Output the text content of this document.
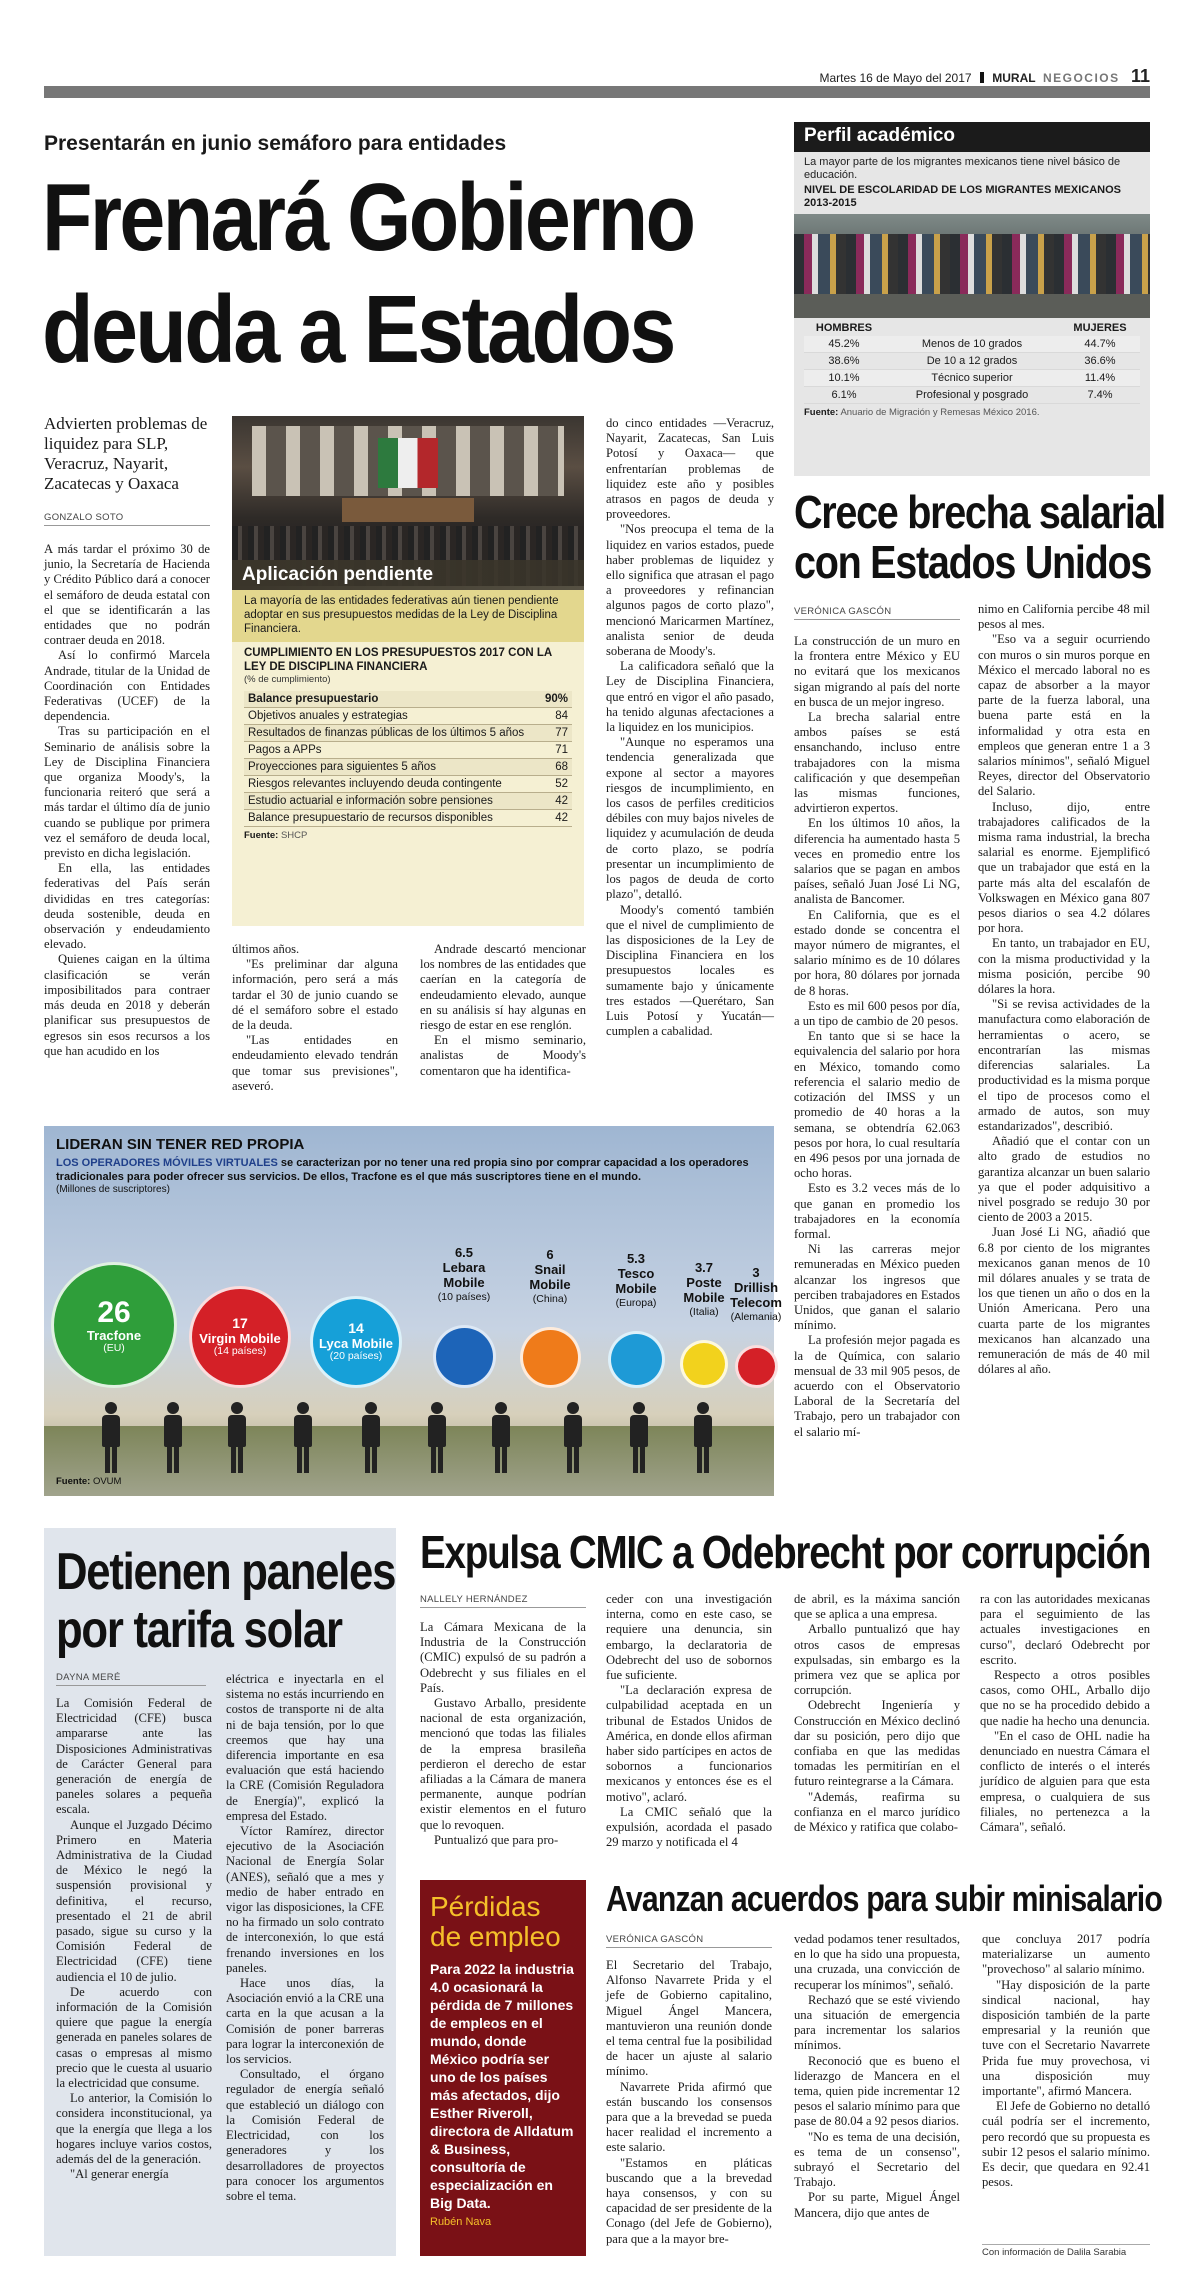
Martes 16 de Mayo del 2017 MURAL NEGOCIOS 11
Presentarán en junio semáforo para entidades
Frenará Gobierno
deuda a Estados
Advierten problemas de liquidez para SLP, Veracruz, Nayarit, Zacatecas y Oaxaca
GONZALO SOTO

A más tardar el próximo 30 de junio, la Secretaría de Hacienda y Crédito Público dará a conocer el semáforo de deuda estatal con el que se identificarán a las entidades que no podrán contraer deuda en 2018.

Así lo confirmó Marcela Andrade, titular de la Unidad de Coordinación con Entidades Federativas (UCEF) de la dependencia.

Tras su participación en el Seminario de análisis sobre la Ley de Disciplina Financiera que organiza Moody's, la funcionaria reiteró que será a más tardar el último día de junio cuando se publique por primera vez el semáforo de deuda local, previsto en dicha legislación.

En ella, las entidades federativas del País serán divididas en tres categorías: deuda sostenible, deuda en observación y endeudamiento elevado.

Quienes caigan en la última clasificación se verán imposibilitados para contraer más deuda en 2018 y deberán planificar sus presupuestos de egresos sin esos recursos a los que han acudido en los

Aplicación pendiente
La mayoría de las entidades federativas aún tienen pendiente adoptar en sus presupuestos medidas de la Ley de Disciplina Financiera.
CUMPLIMIENTO EN LOS PRESUPUESTOS 2017 CON LA LEY DE DISCIPLINA FINANCIERA
(% de cumplimiento)
Balance presupuestario	90%
Objetivos anuales y estrategias	84
Resultados de finanzas públicas de los últimos 5 años	77
Pagos a APPs	71
Proyecciones para siguientes 5 años	68
Riesgos relevantes incluyendo deuda contingente	52
Estudio actuarial e información sobre pensiones	42
Balance presupuestario de recursos disponibles	42
Fuente: SHCP

últimos años.

"Es preliminar dar alguna información, pero será a más tardar el 30 de junio cuando se dé el semáforo sobre el estado de la deuda.

"Las entidades en endeudamiento elevado tendrán que tomar sus previsiones", aseveró.

Andrade descartó mencionar los nombres de las entidades que caerían en la categoría de endeudamiento elevado, aunque en su análisis sí hay algunas en riesgo de estar en ese renglón.

En el mismo seminario, analistas de Moody's comentaron que ha identifica-

do cinco entidades —Veracruz, Nayarit, Zacatecas, San Luis Potosí y Oaxaca— que enfrentarían problemas de liquidez este año y posibles atrasos en pagos de deuda y proveedores.

"Nos preocupa el tema de la liquidez en varios estados, puede haber problemas de liquidez y ello significa que atrasan el pago a proveedores y refinancian algunos pagos de corto plazo", mencionó Maricarmen Martínez, analista senior de deuda soberana de Moody's.

La calificadora señaló que la Ley de Disciplina Financiera, que entró en vigor el año pasado, ha tenido algunas afectaciones a la liquidez en los municipios.

"Aunque no esperamos una tendencia generalizada que expone al sector a mayores riesgos de incumplimiento, en los casos de perfiles crediticios débiles con muy bajos niveles de liquidez y acumulación de deuda de corto plazo, se podría presentar un incumplimiento de los pagos de deuda de corto plazo", detalló.

Moody's comentó también que el nivel de cumplimiento de las disposiciones de la Ley de Disciplina Financiera en los presupuestos locales es sumamente bajo y únicamente tres estados —Querétaro, San Luis Potosí y Yucatán— cumplen a cabalidad.

Perfil académico
La mayor parte de los migrantes mexicanos tiene nivel básico de educación.
NIVEL DE ESCOLARIDAD DE LOS MIGRANTES MEXICANOS 2013-2015
HOMBRES	MUJERES
45.2%	Menos de 10 grados	44.7%
38.6%	De 10 a 12 grados	36.6%
10.1%	Técnico superior	11.4%
6.1%	Profesional y posgrado	7.4%
Fuente: Anuario de Migración y Remesas México 2016.
Crece brecha salarial
con Estados Unidos
VERÓNICA GASCÓN

La construcción de un muro en la frontera entre México y EU no evitará que los mexicanos sigan migrando al país del norte en busca de un mejor ingreso.

La brecha salarial entre ambos países se está ensanchando, incluso entre trabajadores con la misma calificación y que desempeñan las mismas funciones, advirtieron expertos.

En los últimos 10 años, la diferencia ha aumentado hasta 5 veces en promedio entre los salarios que se pagan en ambos países, señaló Juan José Li NG, analista de Bancomer.

En California, que es el estado donde se concentra el mayor número de migrantes, el salario mínimo es de 10 dólares por hora, 80 dólares por jornada de 8 horas.

Esto es mil 600 pesos por día, a un tipo de cambio de 20 pesos.

En tanto que si se hace la equivalencia del salario por hora en México, tomando como referencia el salario medio de cotización del IMSS y un promedio de 40 horas a la semana, se obtendría 62.063 pesos por hora, lo cual resultaría en 496 pesos por una jornada de ocho horas.

Esto es 3.2 veces más de lo que ganan en promedio los trabajadores en la economía formal.

Ni las carreras mejor remuneradas en México pueden alcanzar los ingresos que perciben trabajadores en Estados Unidos, que ganan el salario mínimo.

La profesión mejor pagada es la de Química, con salario mensual de 33 mil 905 pesos, de acuerdo con el Observatorio Laboral de la Secretaría del Trabajo, pero un trabajador con el salario mí-

nimo en California percibe 48 mil pesos al mes.

"Eso va a seguir ocurriendo con muros o sin muros porque en México el mercado laboral no es capaz de absorber a la mayor parte de la fuerza laboral, una buena parte está en la informalidad y otra esta en empleos que generan entre 1 a 3 salarios mínimos", señaló Miguel Reyes, director del Observatorio del Salario.

Incluso, dijo, entre trabajadores calificados de la misma rama industrial, la brecha salarial es enorme. Ejemplificó que un trabajador que está en la parte más alta del escalafón de Volkswagen en México gana 807 pesos diarios o sea 4.2 dólares por hora.

En tanto, un trabajador en EU, con la misma productividad y la misma posición, percibe 90 dólares la hora.

"Si se revisa actividades de la manufactura como elaboración de herramientas o acero, se encontrarían las mismas diferencias salariales. La productividad es la misma porque el tipo de procesos como el armado de autos, son muy estandarizados", describió.

Añadió que el contar con un alto grado de estudios no garantiza alcanzar un buen salario ya que el poder adquisitivo a nivel posgrado se redujo 30 por ciento de 2003 a 2015.

Juan José Li NG, añadió que 6.8 por ciento de los migrantes mexicanos ganan menos de 10 mil dólares anuales y se trata de los que tienen un año o dos en la Unión Americana. Pero una cuarta parte de los migrantes mexicanos han alcanzado una remuneración de más de 40 mil dólares al año.

LIDERAN SIN TENER RED PROPIA
LOS OPERADORES MÓVILES VIRTUALES se caracterizan por no tener una red propia sino por comprar capacidad a los operadores tradicionales para poder ofrecer sus servicios. De ellos, Tracfone es el que más suscriptores tiene en el mundo.
(Millones de suscriptores)
26
Tracfone
(EU)
17
Virgin Mobile
(14 países)
14
Lyca Mobile
(20 países)
6.5
Lebara Mobile
(10 países)
6
Snail Mobile
(China)
5.3
Tesco Mobile
(Europa)
3.7
Poste Mobile
(Italia)
3
Drillish Telecom
(Alemania)
Fuente: OVUM
Detienen paneles
por tarifa solar
DAYNA MERÉ

La Comisión Federal de Electricidad (CFE) busca ampararse ante las Disposiciones Administrativas de Carácter General para generación de energía de paneles solares a pequeña escala.

Aunque el Juzgado Décimo Primero en Materia Administrativa de la Ciudad de México le negó la suspensión provisional y definitiva, el recurso, presentado el 21 de abril pasado, sigue su curso y la Comisión Federal de Electricidad (CFE) tiene audiencia el 10 de julio.

De acuerdo con información de la Comisión quiere que pague la energía generada en paneles solares de casas o empresas al mismo precio que le cuesta al usuario la electricidad que consume.

Lo anterior, la Comisión lo considera inconstitucional, ya que la energía que llega a los hogares incluye varios costos, además del de la generación.

"Al generar energía

eléctrica e inyectarla en el sistema no estás incurriendo en costos de transporte ni de alta ni de baja tensión, por lo que creemos que hay una diferencia importante en esa evaluación que está haciendo la CRE (Comisión Reguladora de Energía)", explicó la empresa del Estado.

Víctor Ramírez, director ejecutivo de la Asociación Nacional de Energía Solar (ANES), señaló que a mes y medio de haber entrado en vigor las disposiciones, la CFE no ha firmado un solo contrato de interconexión, lo que está frenando inversiones en los paneles.

Hace unos días, la Asociación envió a la CRE una carta en la que acusan a la Comisión de poner barreras para lograr la interconexión de los servicios.

Consultado, el órgano regulador de energía señaló que estableció un diálogo con la Comisión Federal de Electricidad, con los generadores y los desarrolladores de proyectos para conocer los argumentos sobre el tema.

Expulsa CMIC a Odebrecht por corrupción
NALLELY HERNÁNDEZ

La Cámara Mexicana de la Industria de la Construcción (CMIC) expulsó de su padrón a Odebrecht y sus filiales en el País.

Gustavo Arballo, presidente nacional de esta organización, mencionó que todas las filiales de la empresa brasileña perdieron el derecho de estar afiliadas a la Cámara de manera permanente, aunque podrían existir elementos en el futuro que lo revoquen.

Puntualizó que para pro-

ceder con una investigación interna, como en este caso, se requiere una denuncia, sin embargo, la declaratoria de Odebrecht del uso de sobornos fue suficiente.

"La declaración expresa de culpabilidad aceptada en un tribunal de Estados Unidos de América, en donde ellos afirman haber sido partícipes en actos de sobornos a funcionarios mexicanos y entonces ése es el motivo", aclaró.

La CMIC señaló que la expulsión, acordada el pasado 29 marzo y notificada el 4

de abril, es la máxima sanción que se aplica a una empresa.

Arballo puntualizó que hay otros casos de empresas expulsadas, sin embargo es la primera vez que se aplica por corrupción.

Odebrecht Ingeniería y Construcción en México declinó dar su posición, pero dijo que confiaba en que las medidas tomadas les permitirían en el futuro reintegrarse a la Cámara.

"Además, reafirma su confianza en el marco jurídico de México y ratifica que colabo-

ra con las autoridades mexicanas para el seguimiento de las actuales investigaciones en curso", declaró Odebrecht por escrito.

Respecto a otros posibles casos, como OHL, Arballo dijo que no se ha procedido debido a que nadie ha hecho una denuncia.

"En el caso de OHL nadie ha denunciado en nuestra Cámara el conflicto de interés o el interés jurídico de alguien para que esta empresa, o cualquiera de sus filiales, no pertenezca a la Cámara", señaló.

Pérdidas
de empleo
Para 2022 la industria 4.0 ocasionará la pérdida de 7 millones de empleos en el mundo, donde México podría ser uno de los países más afectados, dijo Esther Riveroll, directora de Alldatum & Business, consultoría de especialización en Big Data.
Rubén Nava
Avanzan acuerdos para subir minisalario
VERÓNICA GASCÓN

El Secretario del Trabajo, Alfonso Navarrete Prida y el jefe de Gobierno capitalino, Miguel Ángel Mancera, mantuvieron una reunión donde el tema central fue la posibilidad de hacer un ajuste al salario mínimo.

Navarrete Prida afirmó que están buscando los consensos para que a la brevedad se pueda hacer realidad el incremento a este salario.

"Estamos en pláticas buscando que a la brevedad haya consensos, y con su capacidad de ser presidente de la Conago (del Jefe de Gobierno), para que a la mayor bre-

vedad podamos tener resultados, en lo que ha sido una propuesta, una cruzada, una convicción de recuperar los mínimos", señaló.

Rechazó que se esté viviendo una situación de emergencia para incrementar los salarios mínimos.

Reconoció que es bueno el liderazgo de Mancera en el tema, quien pide incrementar 12 pesos el salario mínimo para que pase de 80.04 a 92 pesos diarios.

"No es tema de una decisión, es tema de un consenso", subrayó el Secretario del Trabajo.

Por su parte, Miguel Ángel Mancera, dijo que antes de

que concluya 2017 podría materializarse un aumento "provechoso" al salario mínimo.

"Hay disposición de la parte sindical nacional, hay disposición también de la parte empresarial y la reunión que tuve con el Secretario Navarrete Prida fue muy provechosa, vi una disposición muy importante", afirmó Mancera.

El Jefe de Gobierno no detalló cuál podría ser el incremento, pero recordó que su propuesta es subir 12 pesos el salario mínimo. Es decir, que quedara en 92.41 pesos.

Con información de Dalila Sarabia
